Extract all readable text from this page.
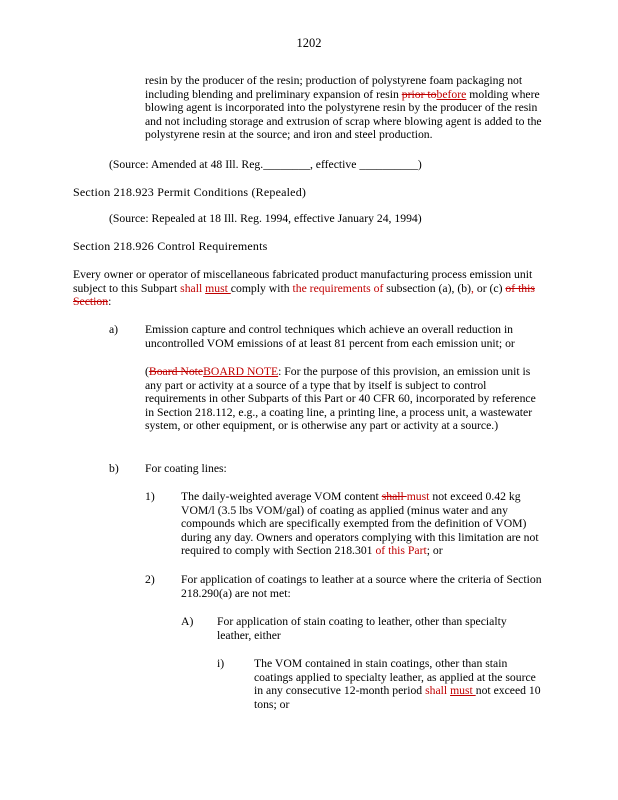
1202

resin by the producer of the resin; production of polystyrene foam packaging not including blending and preliminary expansion of resin prior tobefore molding where blowing agent is incorporated into the polystyrene resin by the producer of the resin and not including storage and extrusion of scrap where blowing agent is added to the polystyrene resin at the source; and iron and steel production.

(Source: Amended at 48 Ill. Reg.________, effective __________)

Section 218.923 Permit Conditions (Repealed)

(Source: Repealed at 18 Ill. Reg. 1994, effective January 24, 1994)

Section 218.926 Control Requirements

Every owner or operator of miscellaneous fabricated product manufacturing process emission unit subject to this Subpart shall must comply with the requirements of subsection (a), (b), or (c) of this Section:

a) Emission capture and control techniques which achieve an overall reduction in uncontrolled VOM emissions of at least 81 percent from each emission unit; or

(Board NoteBOARD NOTE: For the purpose of this provision, an emission unit is any part or activity at a source of a type that by itself is subject to control requirements in other Subparts of this Part or 40 CFR 60, incorporated by reference in Section 218.112, e.g., a coating line, a printing line, a process unit, a wastewater system, or other equipment, or is otherwise any part or activity at a source.)

b) For coating lines:

1) The daily-weighted average VOM content shall must not exceed 0.42 kg VOM/l (3.5 lbs VOM/gal) of coating as applied (minus water and any compounds which are specifically exempted from the definition of VOM) during any day. Owners and operators complying with this limitation are not required to comply with Section 218.301 of this Part; or

2) For application of coatings to leather at a source where the criteria of Section 218.290(a) are not met:

A) For application of stain coating to leather, other than specialty leather, either

i)	The VOM contained in stain coatings, other than stain coatings applied to specialty leather, as applied at the source in any consecutive 12-month period shall must not exceed 10 tons; or
